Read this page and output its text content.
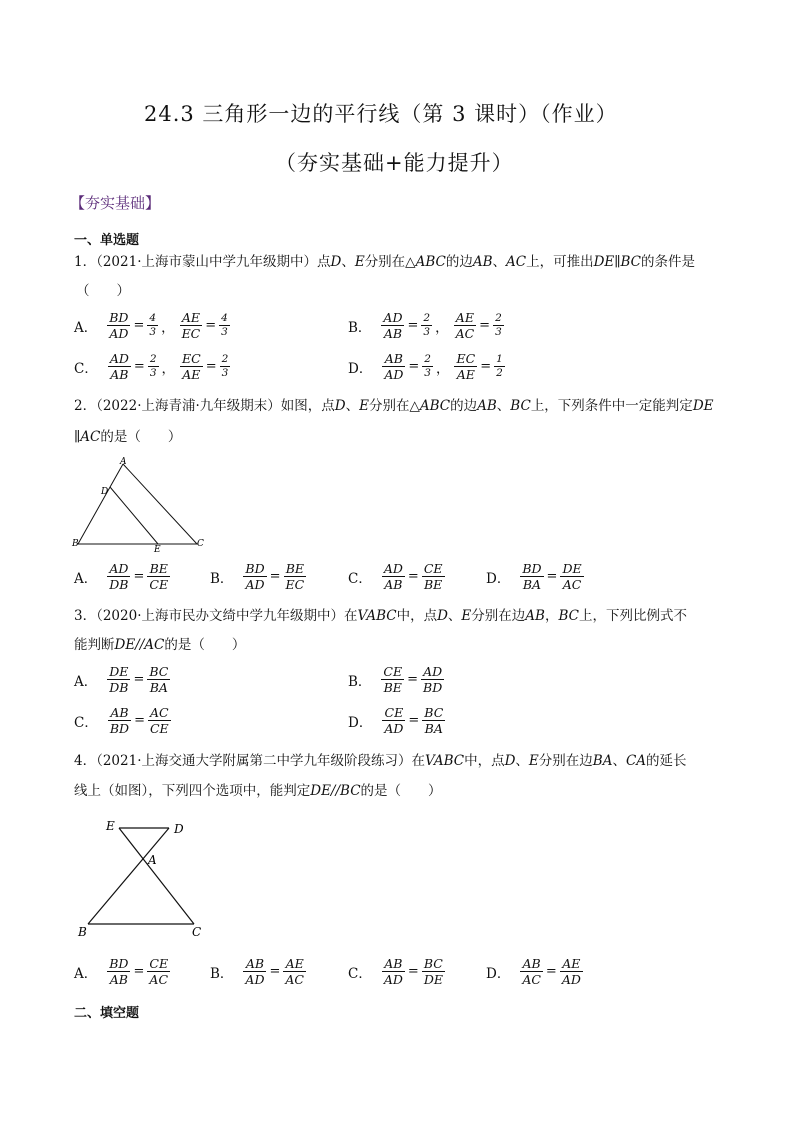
24.3 三角形一边的平行线（第 3 课时）（作业）
（夯实基础+能力提升）
【夯实基础】
一、单选题
1．（2021·上海市蒙山中学九年级期中）点D、E分别在△ABC的边AB、AC上，可推出DE∥BC的条件是
（　　）
A． $\frac{BD}{AD} = \frac{4}{3}$ ， $\frac{AE}{EC} = \frac{4}{3}$	B． $\frac{AD}{AB} = \frac{2}{3}$ ， $\frac{AE}{AC} = \frac{2}{3}$
C． $\frac{AD}{AB} = \frac{2}{3}$ ， $\frac{EC}{AE} = \frac{2}{3}$	D． $\frac{AB}{AD} = \frac{2}{3}$ ， $\frac{EC}{AE} = \frac{1}{2}$
2．（2022·上海青浦·九年级期末）如图，点D、E分别在△ABC的边AB、BC上，下列条件中一定能判定DE
∥AC的是（　　）
A
D
B
E
C
A． $\frac{AD}{DB} = \frac{BE}{CE}$	B． $\frac{BD}{AD} = \frac{BE}{EC}$	C． $\frac{AD}{AB} = \frac{CE}{BE}$	D． $\frac{BD}{BA} = \frac{DE}{AC}$
3．（2020·上海市民办文绮中学九年级期中）在VABC中，点D、E分别在边AB，BC上，下列比例式不
能判断DE//AC的是（　　）
A． $\frac{DE}{DB} = \frac{BC}{BA}$	B． $\frac{CE}{BE} = \frac{AD}{BD}$
C． $\frac{AB}{BD} = \frac{AC}{CE}$	D． $\frac{CE}{AD} = \frac{BC}{BA}$
4．（2021·上海交通大学附属第二中学九年级阶段练习）在VABC中，点D、E分别在边BA、CA的延长
线上（如图），下列四个选项中，能判定DE//BC的是（　　）
E	D
A
B	C
A． $\frac{BD}{AB} = \frac{CE}{AC}$	B． $\frac{AB}{AD} = \frac{AE}{AC}$	C． $\frac{AB}{AD} = \frac{BC}{DE}$	D． $\frac{AB}{AC} = \frac{AE}{AD}$
二、填空题
